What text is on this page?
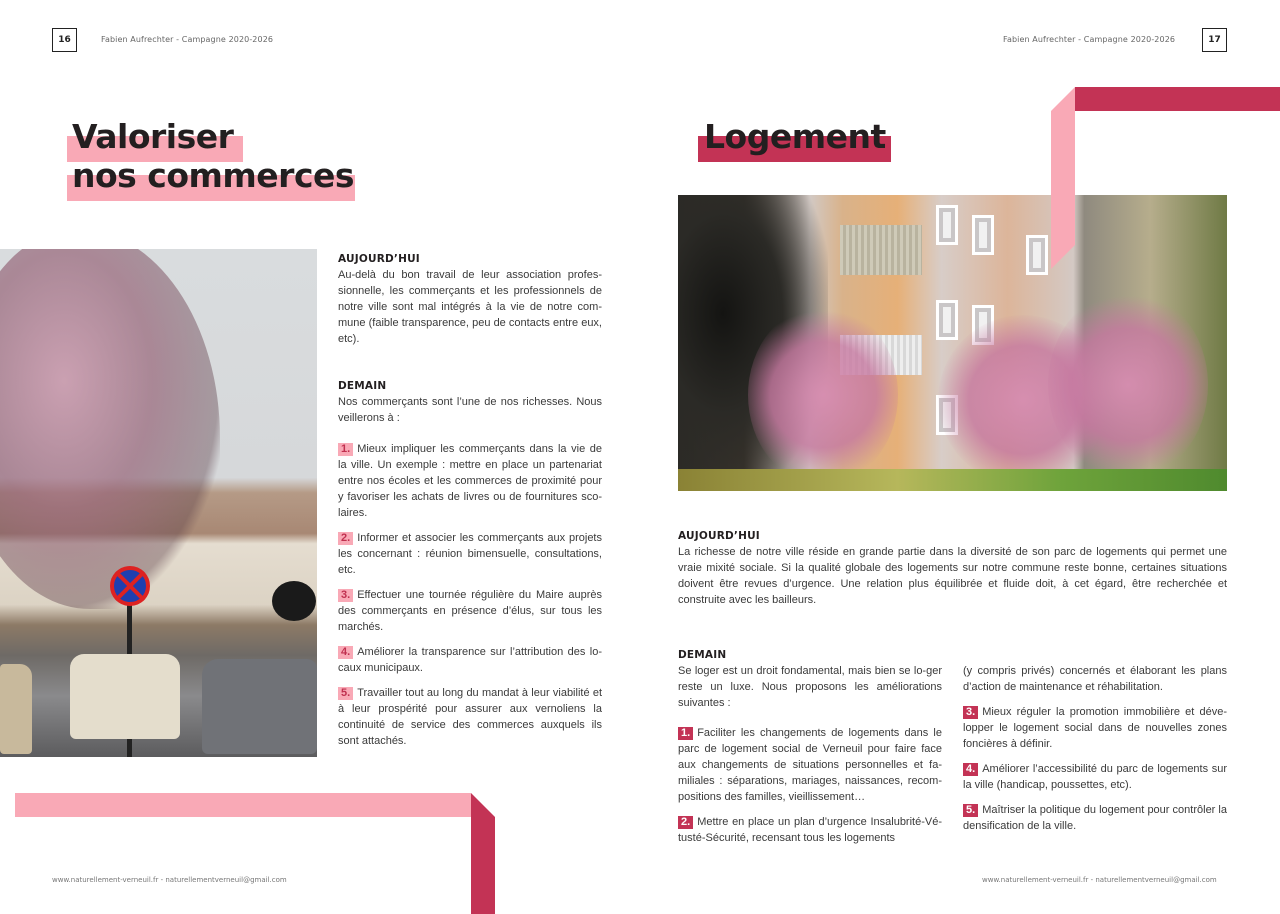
16	Fabien Aufrechter - Campagne 2020-2026
Valoriser
nos commerces
AUJOURD’HUI
Au-delà du bon travail de leur association profes-sionnelle, les commerçants et les professionnels de notre ville sont mal intégrés à la vie de notre com-mune (faible transparence, peu de contacts entre eux, etc).
DEMAIN
Nos commerçants sont l’une de nos richesses. Nous veillerons à :

1. Mieux impliquer les commerçants dans la vie de la ville. Un exemple : mettre en place un partenariat entre nos écoles et les commerces de proximité pour y favoriser les achats de livres ou de fournitures sco-laires.

2. Informer et associer les commerçants aux projets les concernant : réunion bimensuelle, consultations, etc.

3. Effectuer une tournée régulière du Maire auprès des commerçants en présence d’élus, sur tous les marchés.

4. Améliorer la transparence sur l’attribution des lo-caux municipaux.

5. Travailler tout au long du mandat à leur viabilité et à leur prospérité pour assurer aux vernoliens la continuité de service des commerces auxquels ils sont attachés.

www.naturellement-verneuil.fr - naturellementverneuil@gmail.com
Fabien Aufrechter - Campagne 2020-2026	17
Logement
AUJOURD’HUI
La richesse de notre ville réside en grande partie dans la diversité de son parc de logements qui permet une vraie mixité sociale. Si la qualité globale des logements sur notre commune reste bonne, certaines situations doivent être revues d’urgence. Une relation plus équilibrée et fluide doit, à cet égard, être recherchée et construite avec les bailleurs.
DEMAIN
Se loger est un droit fondamental, mais bien se lo-ger reste un luxe. Nous proposons les améliorations suivantes :

1. Faciliter les changements de logements dans le parc de logement social de Verneuil pour faire face aux changements de situations personnelles et fa-miliales : séparations, mariages, naissances, recom-positions des familles, vieillissement…

2. Mettre en place un plan d’urgence Insalubrité-Vé-tusté-Sécurité, recensant tous les logements

(y compris privés) concernés et élaborant les plans d’action de maintenance et réhabilitation.

3. Mieux réguler la promotion immobilière et déve-lopper le logement social dans de nouvelles zones foncières à définir.

4. Améliorer l’accessibilité du parc de logements sur la ville (handicap, poussettes, etc).

5. Maîtriser la politique du logement pour contrôler la densification de la ville.

www.naturellement-verneuil.fr - naturellementverneuil@gmail.com
